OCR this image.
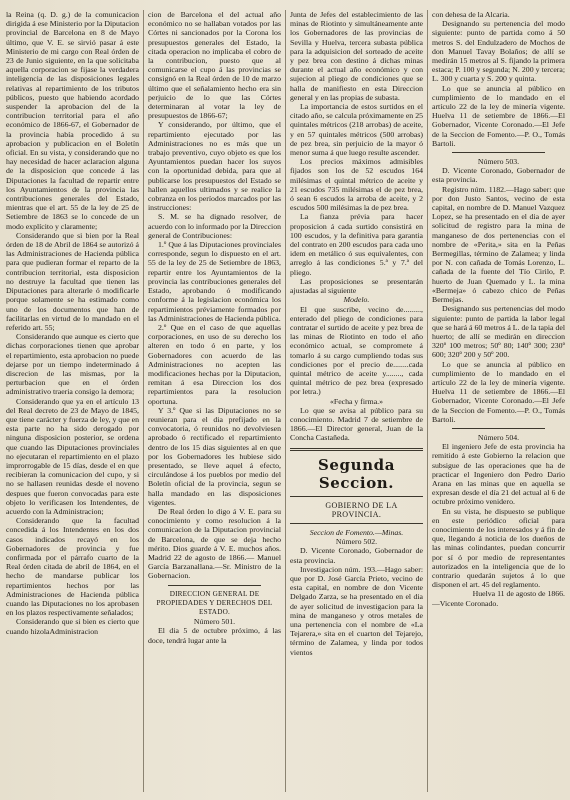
la Reina (q. D. g.) de la comunicacion dirigida á ese Ministerio por la Diputacion provincial de Barcelona en 8 de Mayo último, que V. E. se sirvió pasar á este Ministerio de mi cargo con Real órden de 23 de Junio siguiente, en la que solicitaba aquella corporacion se fijase la verdadera inteligencia de las disposiciones legales relativas al repartimiento de los tributos públicos, puesto que habiendo acordado suspender la aprobacion del de la contribucion territorial para el año económico de 1866-67, el Gobernador de la provincia había procedido á su aprobacion y publicacion en el Boletín oficial. En su vista, y considerando que no hay necesidad de hacer aclaracion alguna de la disposicion que concede á las Diputaciones la facultad de repartir entre los Ayuntamientos de la provincia las contribuciones generales del Estado, mientras que el art. 55 de la ley de 25 de Setiembre de 1863 se lo concede de un modo explícito y claramente;

Considerando que si bien por la Real órden de 18 de Abril de 1864 se autorizó á las Administraciones de Hacienda pública para que pudieran formar el reparto de la contribucion territorial, esta disposicion no destruye la facultad que tienen las Diputaciones para alterarle ó modificarle porque solamente se ha estimado como uno de los documentos que han de facilitarlas en virtud de lo mandado en el referido art. 55;

Considerando que aunque es cierto que dichas corporaciones tienen que aprobar el repartimiento, esta aprobacion no puede dejarse por un tiempo indeterminado á discrecion de las mismas, por la perturbacion que en el órden administrativo traeria consigo la demora;

Considerando que ya en el artículo 13 del Real decreto de 23 de Mayo de 1845, que tiene carácter y fuerza de ley, y que en esta parte no ha sido derogado por ninguna disposicion posterior, se ordena que cuando las Diputaciones provinciales no ejecutaran el repartimiento en el plazo improrrogable de 15 días, desde el en que recibieran la comunicacion del cupo, y si no se hallasen reunidas desde el noveno despues que fueron convocadas para este objeto lo verificasen los Intendentes, de acuerdo con la Administracion;

Considerando que la facultad concedida á los Intendentes en los dos casos indicados recayó en los Gobernadores de provincia y fue confirmada por el párrafo cuarto de la Real órden citada de abril de 1864, en el hecho de mandarse publicar los repartimientos hechos por las Administraciones de Hacienda pública cuando las Diputaciones no los aprobasen en los plazos respectivamente señalados;

Considerando que si bien es cierto que cuando hizolaAdministracion

cion de Barcelona el del actual año económico no se hallaban votados por las Córtes ni sancionados por la Corona los presupuestos generales del Estado, la citada operacion no implicaba el cobro de la contribucion, puesto que al comunicarse el cupo á las provincias se consignó en la Real órden de 10 de marzo último que el señalamiento hecho era sin perjuicio de lo que las Córtes determinaran al votar la ley de presupuestos de 1866-67;

Y considerando, por último, que el repartimiento ejecutado por las Administraciones no es más que un trabajo preventivo, cuyo objeto es que los Ayuntamientos puedan hacer los suyos con la oportunidad debida, para que al publicarse los presupuestos del Estado se hallen aquellos ultimados y se realice la cobranza en los períodos marcados por las instrucciones:

S. M. se ha dignado resolver, de acuerdo con lo informado por la Direccion general de Contribuciones:

1.º Que á las Diputaciones provinciales corresponde, segun lo dispuesto en el art. 55 de la ley de 25 de Setiembre de 1863, repartir entre los Ayuntamientos de la provincia las contribuciones generales del Estado, aprobando ó modificando conforme á la legislacion económica los repartimientos préviamente formados por las Administraciones de Hacienda pública.

2.º Que en el caso de que aquellas corporaciones, en uso de su derecho los alteren en todo ó en parte, y los Gobernadores con acuerdo de las Administraciones no acepten las modificaciones hechas por la Diputacion, remitan á esa Direccion los dos repartimientos para la resolucion oportuna.

Y 3.º Que si las Diputaciones no se reunieran para el dia prefijado en la convocatoria, ó reunidos no devolviesen aprobado ó rectificado el repartimiento dentro de los 15 dias siguientes al en que por los Gobernadores les hubiese sido presentado, se lleve aquel á efecto, circulándose á los pueblos por medio del Boletín oficial de la provincia, segun se halla mandado en las disposiciones vigentes.

De Real órden lo digo á V. E. para su conocimiento y como resolucion á la comunicacion de la Diputacion provincial de Barcelona, de que se deja hecho mérito. Dios guarde á V. E. muchos años. Madrid 22 de agosto de 1866.— Manuel García Barzanallana.—Sr. Ministro de la Gobernacion.

DIRECCION GENERAL DE PROPIEDADES Y DERECHOS DEL ESTADO.

Número 501.

El dia 5 de octubre próximo, á las doce, tendrá lugar ante la

Junta de Jefes del establecimiento de las minas de Riotinto y simultáneamente ante los Gobernadores de las provincias de Sevilla y Huelva, tercera subasta pública para la adquisicion del sorteado de aceite y pez brea con destino á dichas minas durante el actual año económico y con sujecion al pliego de condiciones que se halla de manifiesto en esta Direccion general y en las propias de subasta.

La importancia de estos surtidos en el citado año, se calcula próximamente en 25 quintales métricos (218 arrobas) de aceite, y en 57 quintales métricos (500 arrobas) de pez brea, sin perjuicio de la mayor ó menor suma á que luego resulte ascender.

Los precios máximos admisibles fijados son los de 52 escudos 164 milésimas el quintal métrico de aceite y 21 escudos 735 milésimas el de pez brea, ó sean 6 escudos la arroba de aceite, y 2 escudos 500 milésimas la de pez brea.

La fianza prévia para hacer proposicion á cada surtido consistirá en 100 escudos, y la definitiva para garantia del contrato en 200 escudos para cada uno idem en metálico ó sus equivalentes, con arreglo á las condiciones 5.ª y 7.ª del pliego.

Las proposiciones se presentarán ajustadas al siguiente

Modelo.

El que suscribe, vecino de........., enterado del pliego de condiciones para contratar el surtido de aceite y pez brea de las minas de Riotinto en todo el año económico actual, se compromete á tomarlo á su cargo cumpliendo todas sus condiciones por el precio de........cada quintal métrico de aceite y........, cada quintal métrico de pez brea (expresado por letra.)

«Fecha y firma.»

Lo que se avisa al público para su conocimiento. Madrid 7 de setiembre de 1866.—El Director general, Juan de la Concha Castañeda.

Segunda Seccion.

GOBIERNO DE LA PROVINCIA.

Seccion de Fomento.—Minas.

Número 502.

D. Vicente Coronado, Gobernador de esta provincia.

Investigacion núm. 193.—Hago saber: que por D. José García Prieto, vecino de esta capital, en nombre de don Vicente Delgado Zarza, se ha presentado en el dia de ayer solicitud de investigacion para la mina de manganeso y otros metales de una pertenencia con el nombre de «La Tejarera,» sita en el cuarton del Tejarejo, término de Zalamea, y linda por todos vientos

con dehesa de la Alcaria.

Designando su pertenencia del modo siguiente: punto de partida como á 50 metros S. del Endulzadero de Mochos de don Manuel Tavay Bolaños; de allí se medirán 15 metros al S. fijando la primera estaca; P. 100 y segunda; N. 200 y tercera; L. 300 y cuarta y S. 200 y quinta.

Lo que se anuncia al público en cumplimiento de lo mandado en el artículo 22 de la ley de minería vigente. Huelva 11 de setiembre de 1866.—El Gobernador, Vicente Coronado.—El Jefe de la Seccion de Fomento.—P. O., Tomás Bartoli.

Número 503.

D. Vicente Coronado, Gobernador de esta provincia.

Registro núm. 1182.—Hago saber: que por don Justo Santos, vecino de esta capital, en nombre de D. Manuel Vazquez Lopez, se ha presentado en el dia de ayer solicitud de registro para la mina de manganeso de dos pertenencias con el nombre de «Perita,» sita en la Peñas Bermegillas, término de Zalamea; y linda por N. con cañada de Tomás Lorenzo, L. cañada de la fuente del Tío Cirilo, P. huerto de Juan Quemado y L. la mina «Bermeja» ó cabezo chico de Peñas Bermejas.

Designando sus pertenencias del modo siguiente: punto de partida la labor legal que se hará á 60 metros á L. de la tapia del huerto; de allí se medirán en direccion 320º 100 metros; 50º 80; 140º 300; 230º 600; 320º 200 y 50º 200.

Lo que se anuncia al público en cumplimiento de lo mandado en el artículo 22 de la ley de minería vigente. Huelva 11 de setiembre de 1866.—El Gobernador, Vicente Coronado.—El Jefe de la Seccion de Fomento.—P. O., Tomás Bartoli.

Número 504.

El ingeniero Jefe de esta provincia ha remitido á este Gobierno la relacion que subsigue de las operaciones que ha de practicar el Ingeniero don Pedro Dario Arana en las minas que en aquella se expresan desde el día 21 del actual al 6 de octubre próximo venidero.

En su vista, he dispuesto se publique en este periódico oficial para conocimiento de los interesados y á fin de que, llegando á noticia de los dueños de las minas colindantes, puedan concurrir por sí ó por medio de representantes autorizados en la inteligencia que de lo contrario quedarán sujetos á lo que disponen el art. 45 del reglamento.

Huelva 11 de agosto de 1866.

—Vicente Coronado.
